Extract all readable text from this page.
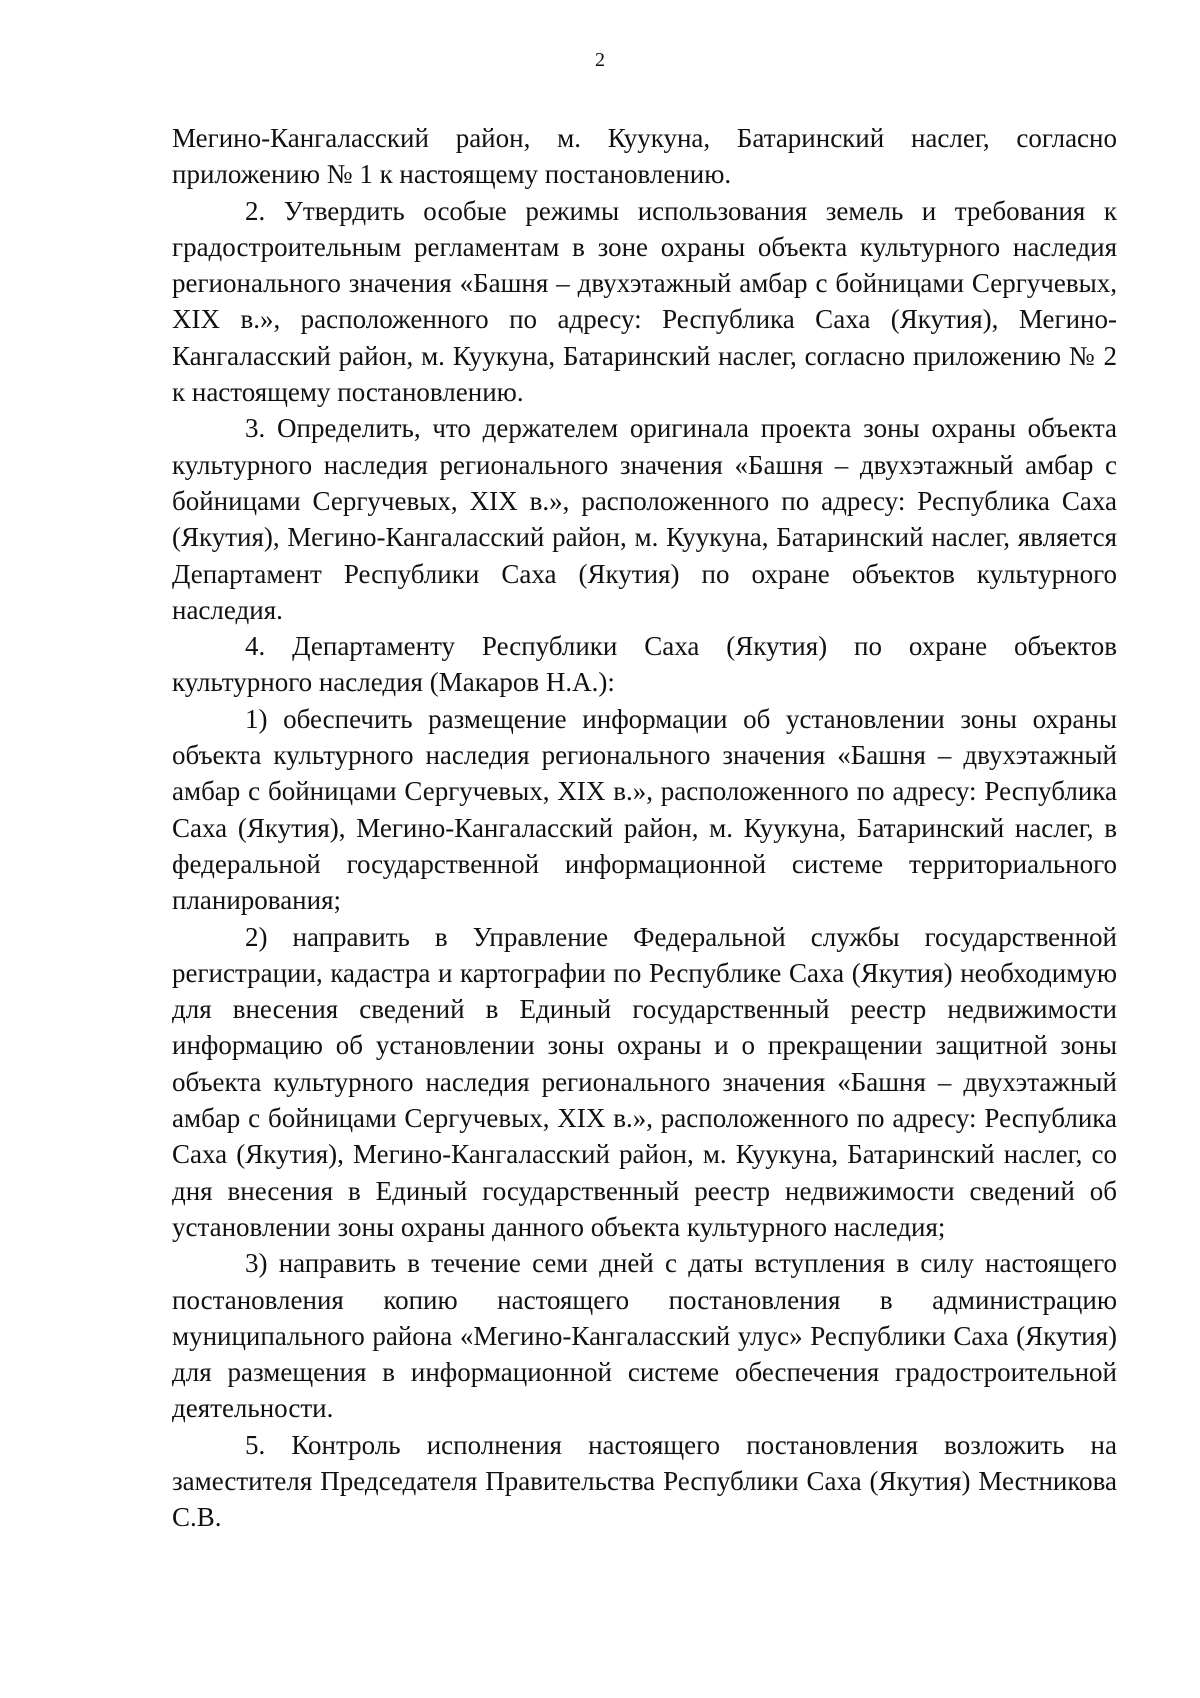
2

Мегино-Кангаласский район, м. Куукуна, Батаринский наслег, согласно приложению № 1 к настоящему постановлению.

2. Утвердить особые режимы использования земель и требования к градостроительным регламентам в зоне охраны объекта культурного наследия регионального значения «Башня – двухэтажный амбар с бойницами Сергучевых, XIX в.», расположенного по адресу: Республика Саха (Якутия), Мегино-Кангаласский район, м. Куукуна, Батаринский наслег, согласно приложению № 2 к настоящему постановлению.

3. Определить, что держателем оригинала проекта зоны охраны объекта культурного наследия регионального значения «Башня – двухэтажный амбар с бойницами Сергучевых, XIX в.», расположенного по адресу: Республика Саха (Якутия), Мегино-Кангаласский район, м. Куукуна, Батаринский наслег, является Департамент Республики Саха (Якутия) по охране объектов культурного наследия.

4. Департаменту Республики Саха (Якутия) по охране объектов культурного наследия (Макаров Н.А.):

1) обеспечить размещение информации об установлении зоны охраны объекта культурного наследия регионального значения «Башня – двухэтажный амбар с бойницами Сергучевых, XIX в.», расположенного по адресу: Республика Саха (Якутия), Мегино-Кангаласский район, м. Куукуна, Батаринский наслег, в федеральной государственной информационной системе территориального планирования;

2) направить в Управление Федеральной службы государственной регистрации, кадастра и картографии по Республике Саха (Якутия) необходимую для внесения сведений в Единый государственный реестр недвижимости информацию об установлении зоны охраны и о прекращении защитной зоны объекта культурного наследия регионального значения «Башня – двухэтажный амбар с бойницами Сергучевых, XIX в.», расположенного по адресу: Республика Саха (Якутия), Мегино-Кангаласский район, м. Куукуна, Батаринский наслег, со дня внесения в Единый государственный реестр недвижимости сведений об установлении зоны охраны данного объекта культурного наследия;

3) направить в течение семи дней с даты вступления в силу настоящего постановления копию настоящего постановления в администрацию муниципального района «Мегино-Кангаласский улус» Республики Саха (Якутия) для размещения в информационной системе обеспечения градостроительной деятельности.

5. Контроль исполнения настоящего постановления возложить на заместителя Председателя Правительства Республики Саха (Якутия) Местникова С.В.
